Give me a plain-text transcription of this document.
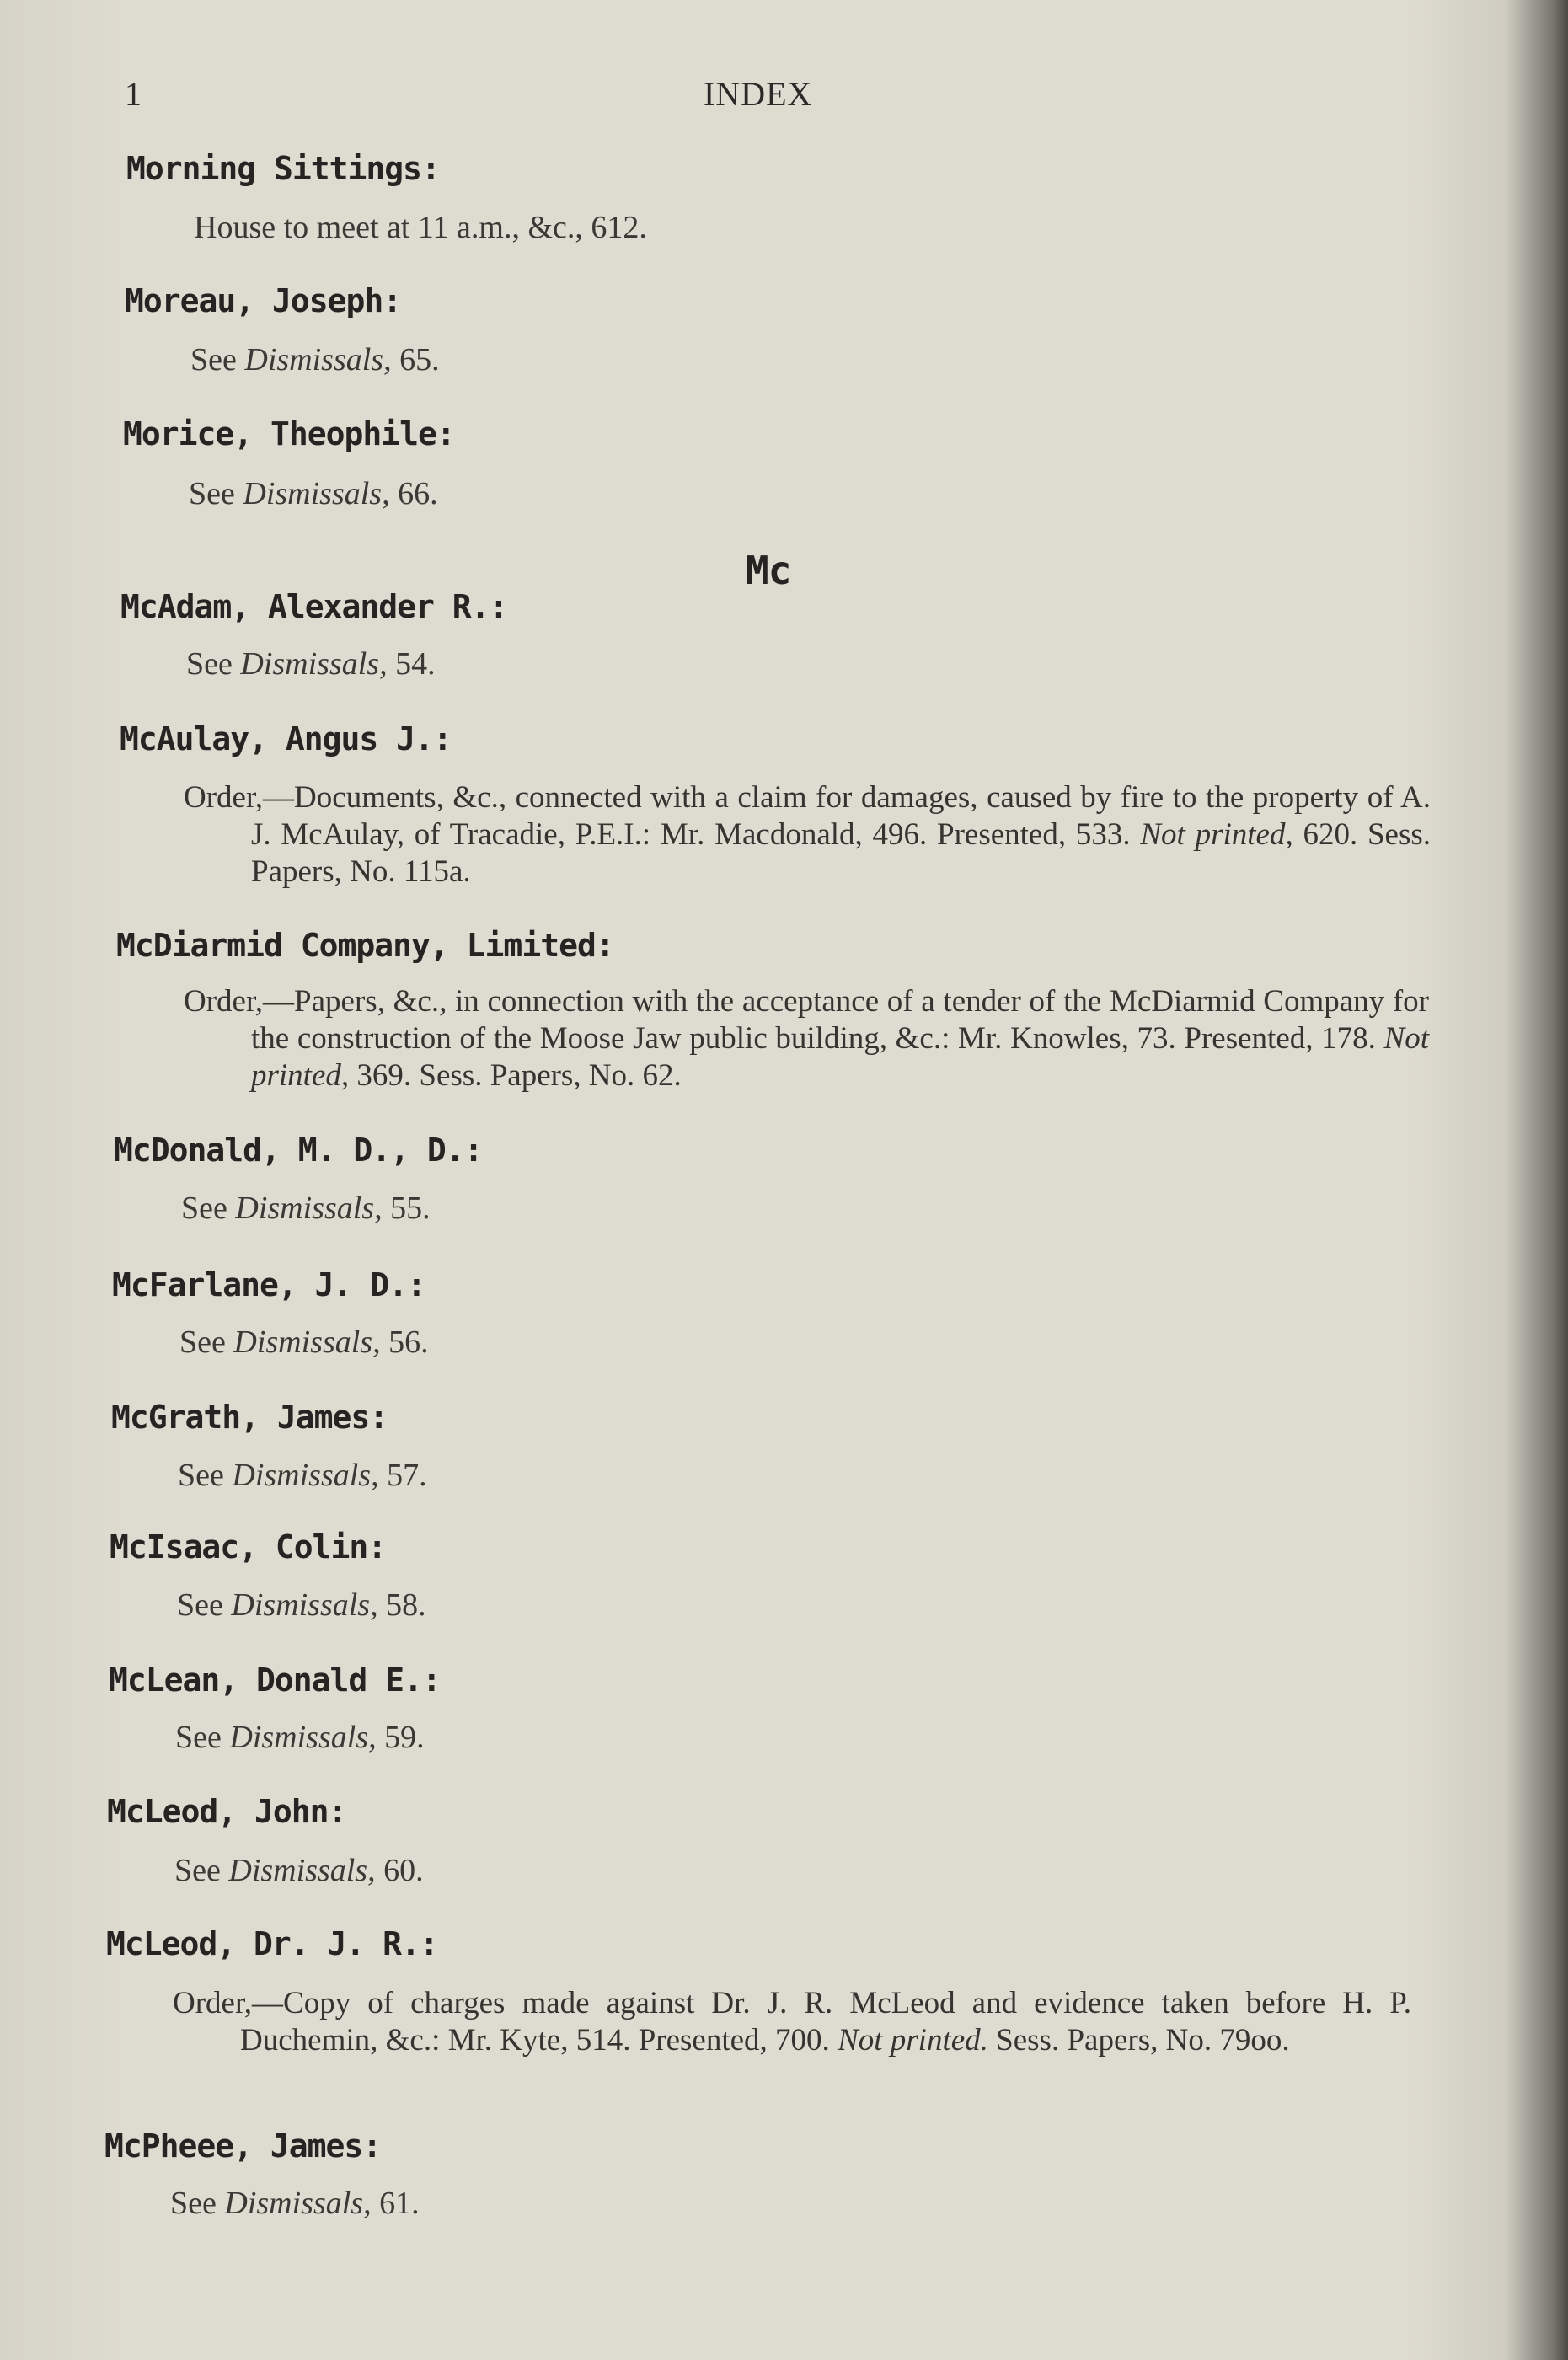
1	INDEX
Morning Sittings:
House to meet at 11 a.m., &c., 612.
Moreau, Joseph:
See Dismissals, 65.
Morice, Theophile:
See Dismissals, 66.
Mc
McAdam, Alexander R.:
See Dismissals, 54.
McAulay, Angus J.:
Order,—Documents, &c., connected with a claim for damages, caused by fire to the property of A. J. McAulay, of Tracadie, P.E.I.: Mr. Macdonald, 496. Presented, 533. Not printed, 620. Sess. Papers, No. 115a.
McDiarmid Company, Limited:
Order,—Papers, &c., in connection with the acceptance of a tender of the McDiarmid Company for the construction of the Moose Jaw public building, &c.: Mr. Knowles, 73. Presented, 178. Not printed, 369. Sess. Papers, No. 62.
McDonald, M. D., D.:
See Dismissals, 55.
McFarlane, J. D.:
See Dismissals, 56.
McGrath, James:
See Dismissals, 57.
McIsaac, Colin:
See Dismissals, 58.
McLean, Donald E.:
See Dismissals, 59.
McLeod, John:
See Dismissals, 60.
McLeod, Dr. J. R.:
Order,—Copy of charges made against Dr. J. R. McLeod and evidence taken before H. P. Duchemin, &c.: Mr. Kyte, 514. Presented, 700. Not printed. Sess. Papers, No. 79oo.
McPheee, James:
See Dismissals, 61.
